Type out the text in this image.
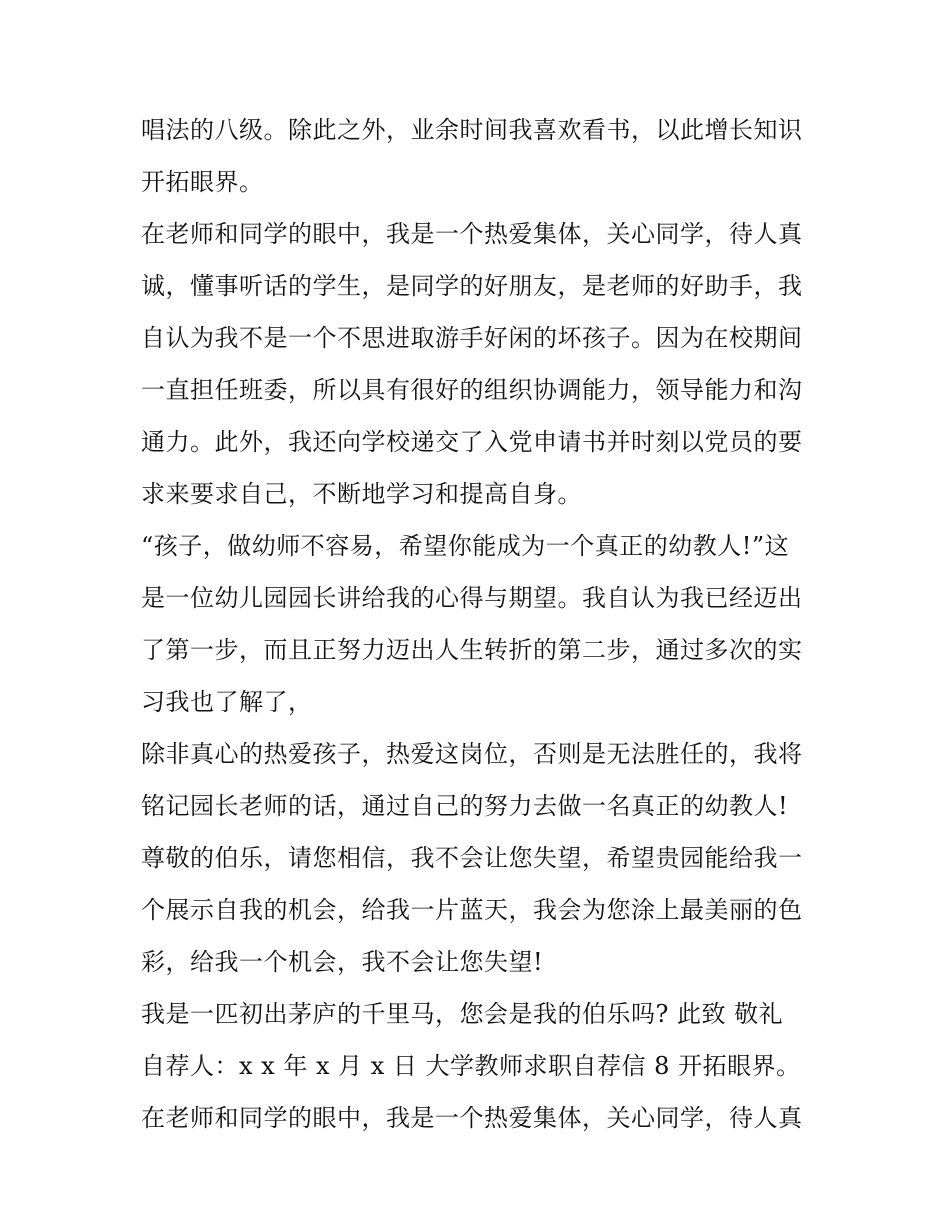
唱法的八级。除此之外，业余时间我喜欢看书，以此增长知识
开拓眼界。
在老师和同学的眼中，我是一个热爱集体，关心同学，待人真
诚，懂事听话的学生，是同学的好朋友，是老师的好助手，我
自认为我不是一个不思进取游手好闲的坏孩子。因为在校期间
一直担任班委，所以具有很好的组织协调能力，领导能力和沟
通力。此外，我还向学校递交了入党申请书并时刻以党员的要
求来要求自己，不断地学习和提高自身。
“孩子，做幼师不容易，希望你能成为一个真正的幼教人!”这
是一位幼儿园园长讲给我的心得与期望。我自认为我已经迈出
了第一步，而且正努力迈出人生转折的第二步，通过多次的实
习我也了解了，
除非真心的热爱孩子，热爱这岗位，否则是无法胜任的，我将
铭记园长老师的话，通过自己的努力去做一名真正的幼教人!
尊敬的伯乐，请您相信，我不会让您失望，希望贵园能给我一
个展示自我的机会，给我一片蓝天，我会为您涂上最美丽的色
彩，给我一个机会，我不会让您失望!
我是一匹初出茅庐的千里马，您会是我的伯乐吗? 此致 敬礼
自荐人：x x 年 x 月 x 日 大学教师求职自荐信 8 开拓眼界。
在老师和同学的眼中，我是一个热爱集体，关心同学，待人真
